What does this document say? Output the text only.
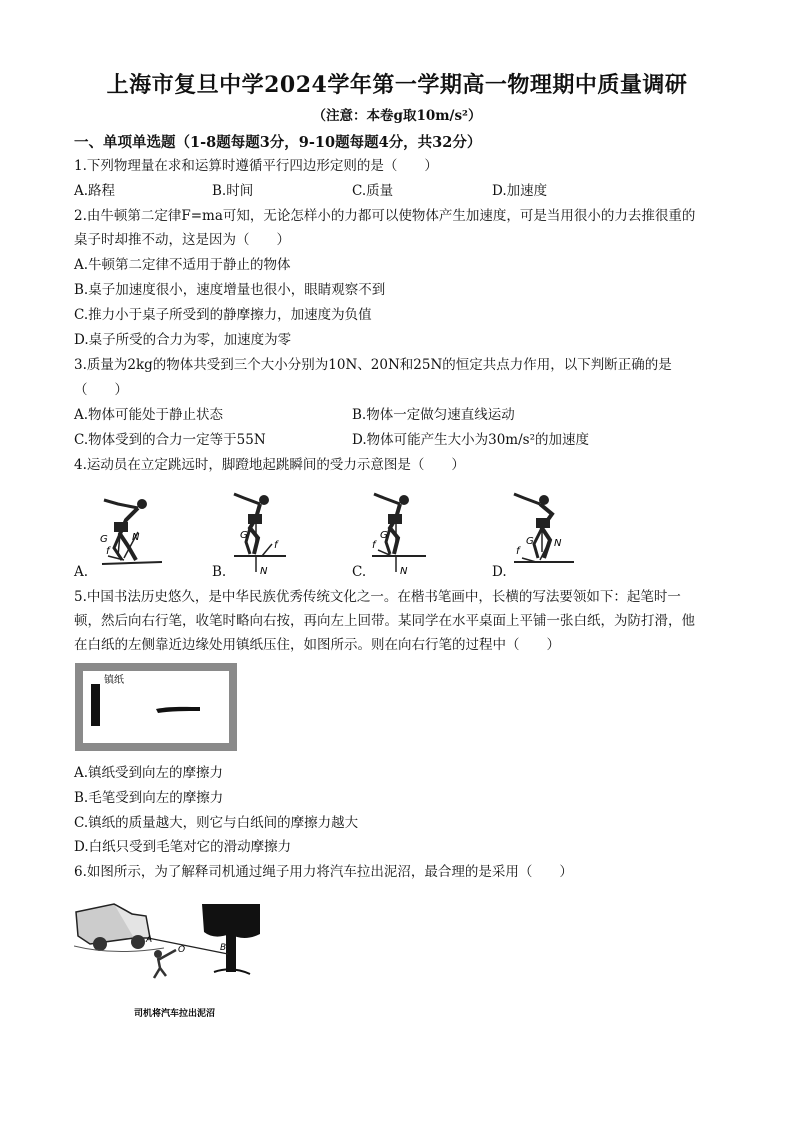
上海市复旦中学2024学年第一学期高一物理期中质量调研
（注意：本卷g取10m/s²）
一、单项单选题（1-8题每题3分，9-10题每题4分，共32分）
1.下列物理量在求和运算时遵循平行四边形定则的是（　　）
A.路程	B.时间	C.质量	D.加速度
2.由牛顿第二定律F=ma可知，无论怎样小的力都可以使物体产生加速度，可是当用很小的力去推很重的
桌子时却推不动，这是因为（　　）
A.牛顿第二定律不适用于静止的物体
B.桌子加速度很小，速度增量也很小，眼睛观察不到
C.推力小于桌子所受到的静摩擦力，加速度为负值
D.桌子所受的合力为零，加速度为零
3.质量为2kg的物体共受到三个大小分别为10N、20N和25N的恒定共点力作用，以下判断正确的是
（　　）
A.物体可能处于静止状态	B.物体一定做匀速直线运动
C.物体受到的合力一定等于55N	D.物体可能产生大小为30m/s²的加速度
4.运动员在立定跳远时，脚蹬地起跳瞬间的受力示意图是（　　）
G N
f
G
N
f
G
N
f	G N
f
A.	B.	C.	D.
5.中国书法历史悠久，是中华民族优秀传统文化之一。在楷书笔画中，长横的写法要领如下：起笔时一
顿，然后向右行笔，收笔时略向右按，再向左上回带。某同学在水平桌面上平铺一张白纸，为防打滑，他
在白纸的左侧靠近边缘处用镇纸压住，如图所示。则在向右行笔的过程中（　　）
镇纸
A.镇纸受到向左的摩擦力
B.毛笔受到向左的摩擦力
C.镇纸的质量越大，则它与白纸间的摩擦力越大
D.白纸只受到毛笔对它的滑动摩擦力
6.如图所示，为了解释司机通过绳子用力将汽车拉出泥沼，最合理的是采用（　　）
A
O	B
司机将汽车拉出泥沼
